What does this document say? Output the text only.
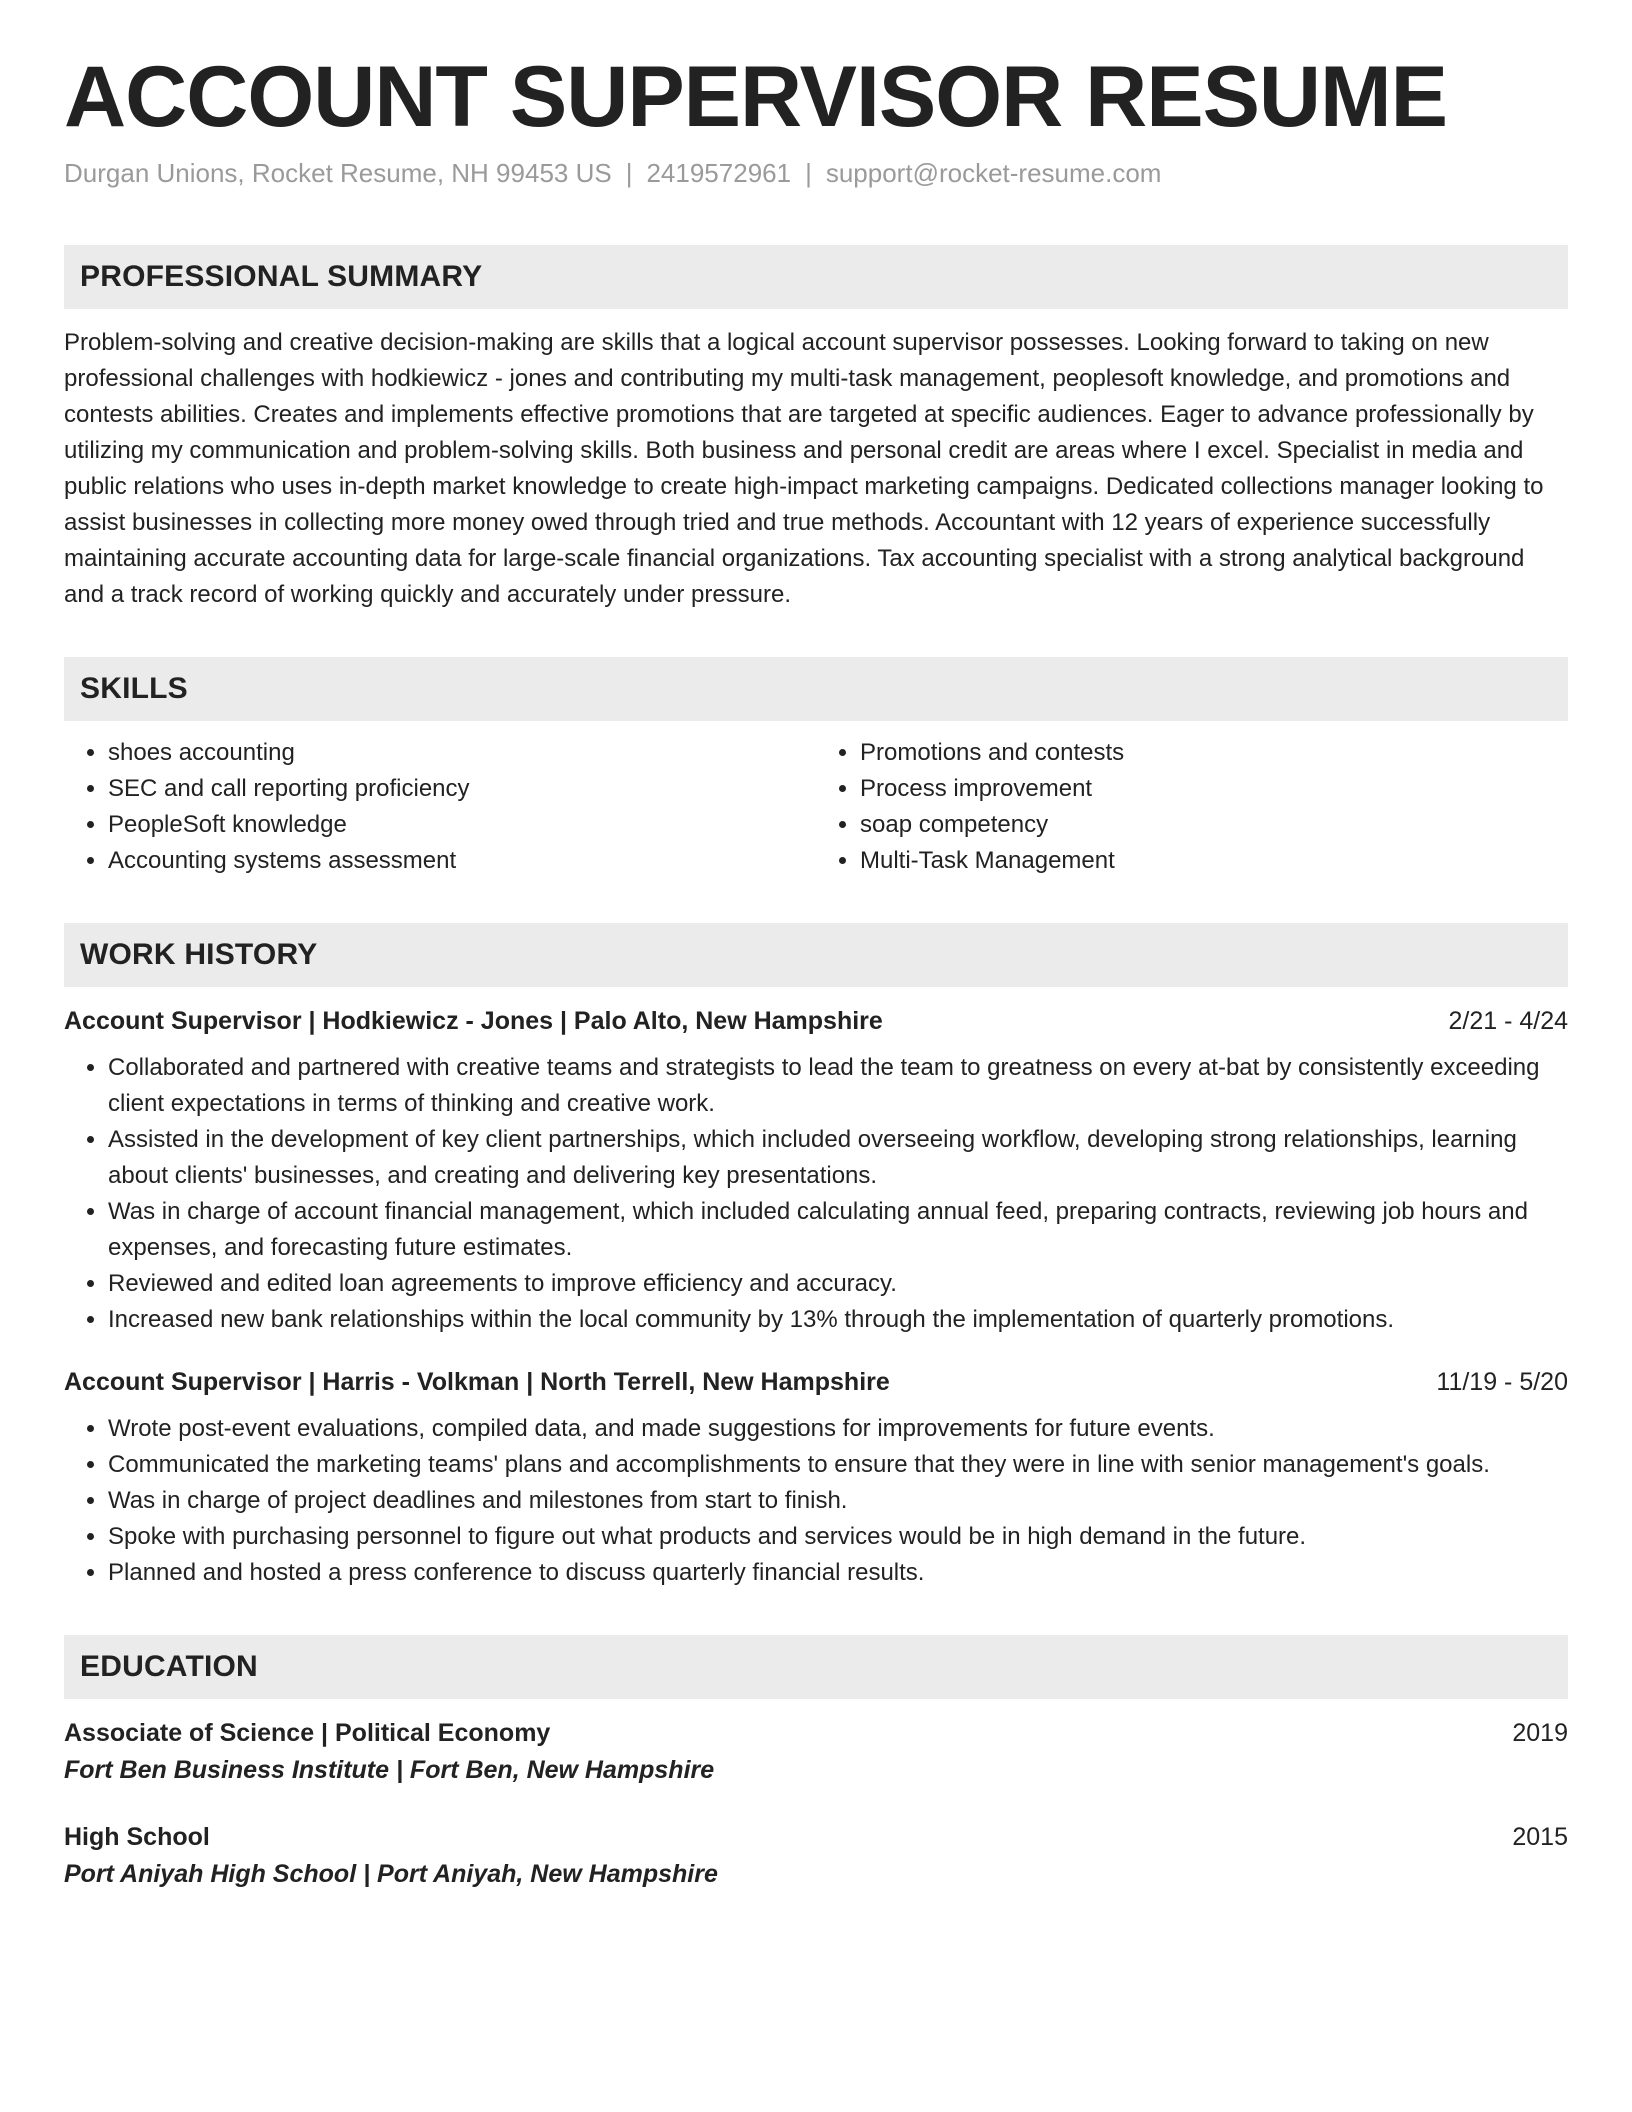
ACCOUNT SUPERVISOR RESUME
Durgan Unions, Rocket Resume, NH 99453 US | 2419572961 | support@rocket-resume.com
PROFESSIONAL SUMMARY
Problem-solving and creative decision-making are skills that a logical account supervisor possesses. Looking forward to taking on new professional challenges with hodkiewicz - jones and contributing my multi-task management, peoplesoft knowledge, and promotions and contests abilities. Creates and implements effective promotions that are targeted at specific audiences. Eager to advance professionally by utilizing my communication and problem-solving skills. Both business and personal credit are areas where I excel. Specialist in media and public relations who uses in-depth market knowledge to create high-impact marketing campaigns. Dedicated collections manager looking to assist businesses in collecting more money owed through tried and true methods. Accountant with 12 years of experience successfully maintaining accurate accounting data for large-scale financial organizations. Tax accounting specialist with a strong analytical background and a track record of working quickly and accurately under pressure.
SKILLS
• shoes accounting
• SEC and call reporting proficiency
• PeopleSoft knowledge
• Accounting systems assessment
• Promotions and contests
• Process improvement
• soap competency
• Multi-Task Management
WORK HISTORY
Account Supervisor | Hodkiewicz - Jones | Palo Alto, New Hampshire	2/21 - 4/24
• Collaborated and partnered with creative teams and strategists to lead the team to greatness on every at-bat by consistently exceeding client expectations in terms of thinking and creative work.
• Assisted in the development of key client partnerships, which included overseeing workflow, developing strong relationships, learning about clients' businesses, and creating and delivering key presentations.
• Was in charge of account financial management, which included calculating annual feed, preparing contracts, reviewing job hours and expenses, and forecasting future estimates.
• Reviewed and edited loan agreements to improve efficiency and accuracy.
• Increased new bank relationships within the local community by 13% through the implementation of quarterly promotions.
Account Supervisor | Harris - Volkman | North Terrell, New Hampshire	11/19 - 5/20
• Wrote post-event evaluations, compiled data, and made suggestions for improvements for future events.
• Communicated the marketing teams' plans and accomplishments to ensure that they were in line with senior management's goals.
• Was in charge of project deadlines and milestones from start to finish.
• Spoke with purchasing personnel to figure out what products and services would be in high demand in the future.
• Planned and hosted a press conference to discuss quarterly financial results.
EDUCATION
Associate of Science | Political Economy	2019
Fort Ben Business Institute | Fort Ben, New Hampshire
High School	2015
Port Aniyah High School | Port Aniyah, New Hampshire
